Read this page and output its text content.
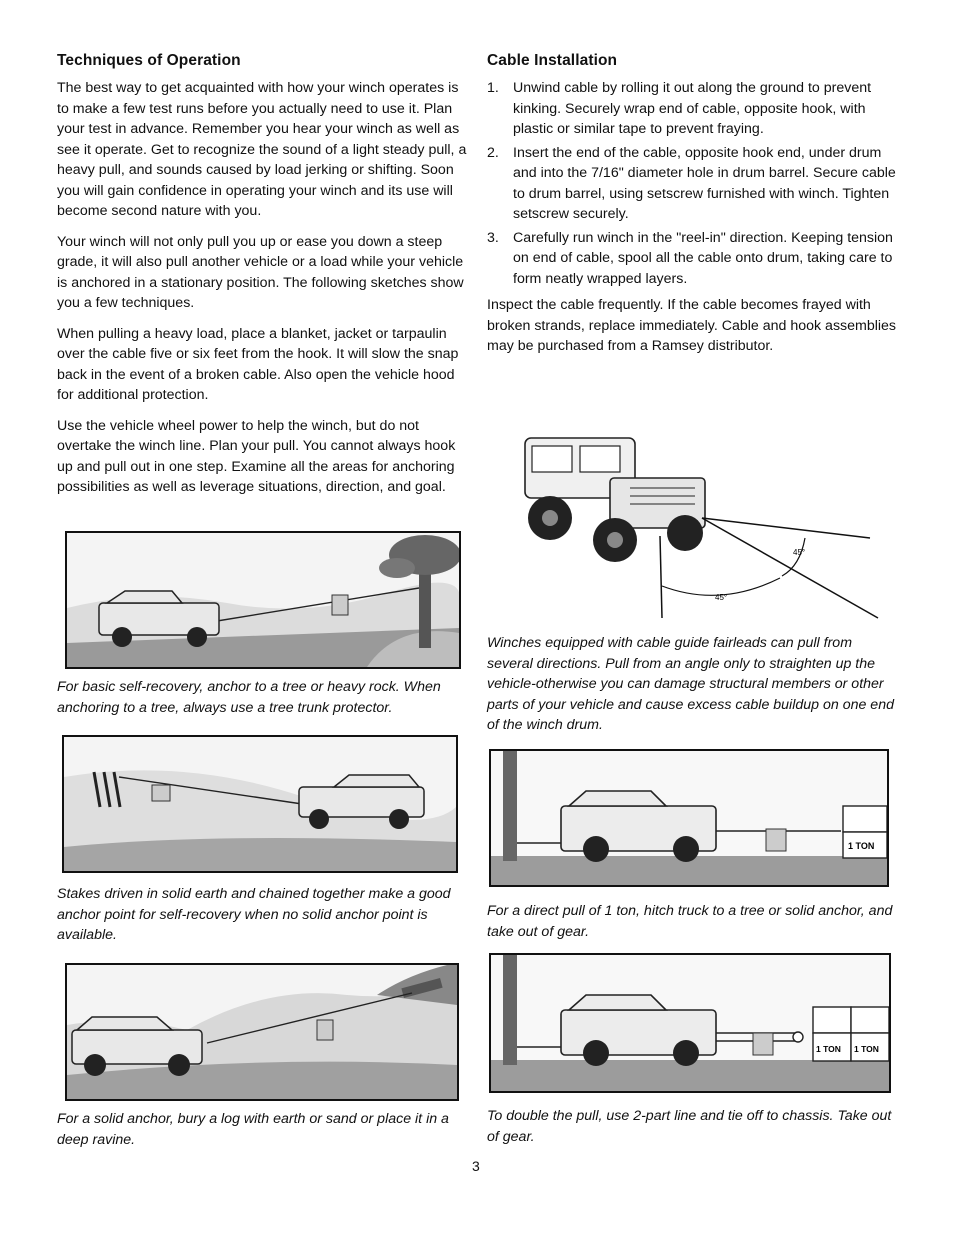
Techniques of Operation

The best way to get acquainted with how your winch operates is to make a few test runs before you actually need to use it. Plan your test in advance. Remember you hear your winch as well as see it operate. Get to recognize the sound of a light steady pull, a heavy pull, and sounds caused by load jerking or shifting. Soon you will gain confidence in operating your winch and its use will become second nature with you.

Your winch will not only pull you up or ease you down a steep grade, it will also pull another vehicle or a load while your vehicle is anchored in a stationary position. The following sketches show you a few techniques.

When pulling a heavy load, place a blanket, jacket or tarpaulin over the cable five or six feet from the hook. It will slow the snap back in the event of a broken cable. Also open the vehicle hood for additional protection.

Use the vehicle wheel power to help the winch, but do not overtake the winch line. Plan your pull. You cannot always hook up and pull out in one step. Examine all the areas for anchoring possibilities as well as leverage situations, direction, and goal.

Cable Installation
1. Unwind cable by rolling it out along the ground to prevent kinking. Securely wrap end of cable, opposite hook, with plastic or similar tape to prevent fraying.
2. Insert the end of the cable, opposite hook end, under drum and into the 7/16" diameter hole in drum barrel. Secure cable to drum barrel, using setscrew furnished with winch. Tighten setscrew securely.
3. Carefully run winch in the "reel-in" direction. Keeping tension on end of cable, spool all the cable onto drum, taking care to form neatly wrapped layers.

Inspect the cable frequently. If the cable becomes frayed with broken strands, replace immediately. Cable and hook assemblies may be purchased from a Ramsey distributor.

For basic self-recovery, anchor to a tree or heavy rock. When anchoring to a tree, always use a tree trunk protector.
Stakes driven in solid earth and chained together make a good anchor point for self-recovery when no solid anchor point is available.
For a solid anchor, bury a log with earth or sand or place it in a deep ravine.
45°
45°
Winches equipped with cable guide fairleads can pull from several directions. Pull from an angle only to straighten up the vehicle-otherwise you can damage structural members or other parts of your vehicle and cause excess cable buildup on one end of the winch drum.
1 TON
For a direct pull of 1 ton, hitch truck to a tree or solid anchor, and take out of gear.
1 TON 1 TON
To double the pull, use 2-part line and tie off to chassis. Take out of gear.
3
